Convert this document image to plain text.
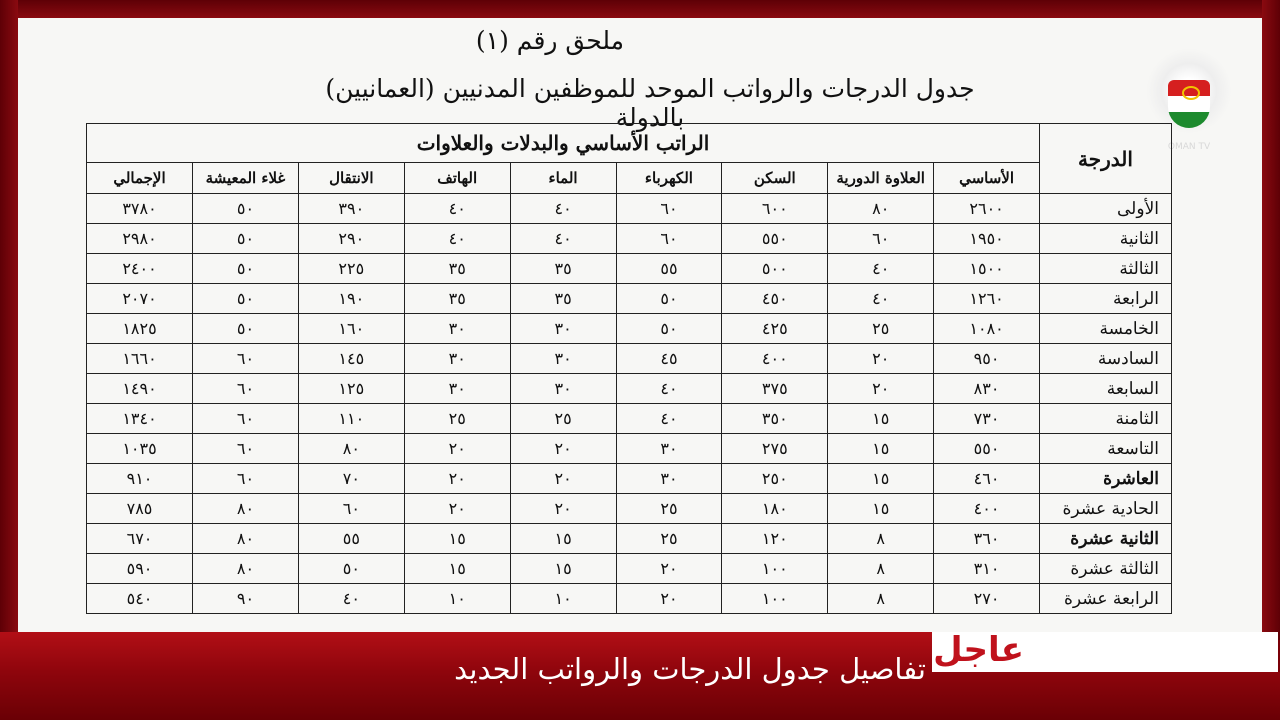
ملحق رقم (١)
جدول الدرجات والرواتب الموحد للموظفين المدنيين (العمانيين) بالدولة
OMAN TV
الدرجة	الراتب الأساسي والبدلات والعلاوات								
	الأساسي	العلاوة الدورية	السكن	الكهرباء	الماء	الهاتف	الانتقال	غلاء المعيشة	الإجمالي
الأولى	٢٦٠٠	٨٠	٦٠٠	٦٠	٤٠	٤٠	٣٩٠	٥٠	٣٧٨٠
الثانية	١٩٥٠	٦٠	٥٥٠	٦٠	٤٠	٤٠	٢٩٠	٥٠	٢٩٨٠
الثالثة	١٥٠٠	٤٠	٥٠٠	٥٥	٣٥	٣٥	٢٢٥	٥٠	٢٤٠٠
الرابعة	١٢٦٠	٤٠	٤٥٠	٥٠	٣٥	٣٥	١٩٠	٥٠	٢٠٧٠
الخامسة	١٠٨٠	٢٥	٤٢٥	٥٠	٣٠	٣٠	١٦٠	٥٠	١٨٢٥
السادسة	٩٥٠	٢٠	٤٠٠	٤٥	٣٠	٣٠	١٤٥	٦٠	١٦٦٠
السابعة	٨٣٠	٢٠	٣٧٥	٤٠	٣٠	٣٠	١٢٥	٦٠	١٤٩٠
الثامنة	٧٣٠	١٥	٣٥٠	٤٠	٢٥	٢٥	١١٠	٦٠	١٣٤٠
التاسعة	٥٥٠	١٥	٢٧٥	٣٠	٢٠	٢٠	٨٠	٦٠	١٠٣٥
العاشرة	٤٦٠	١٥	٢٥٠	٣٠	٢٠	٢٠	٧٠	٦٠	٩١٠
الحادية عشرة	٤٠٠	١٥	١٨٠	٢٥	٢٠	٢٠	٦٠	٨٠	٧٨٥
الثانية عشرة	٣٦٠	٨	١٢٠	٢٥	١٥	١٥	٥٥	٨٠	٦٧٠
الثالثة عشرة	٣١٠	٨	١٠٠	٢٠	١٥	١٥	٥٠	٨٠	٥٩٠
الرابعة عشرة	٢٧٠	٨	١٠٠	٢٠	١٠	١٠	٤٠	٩٠	٥٤٠
عاجل
تفاصيل جدول الدرجات والرواتب الجديد
